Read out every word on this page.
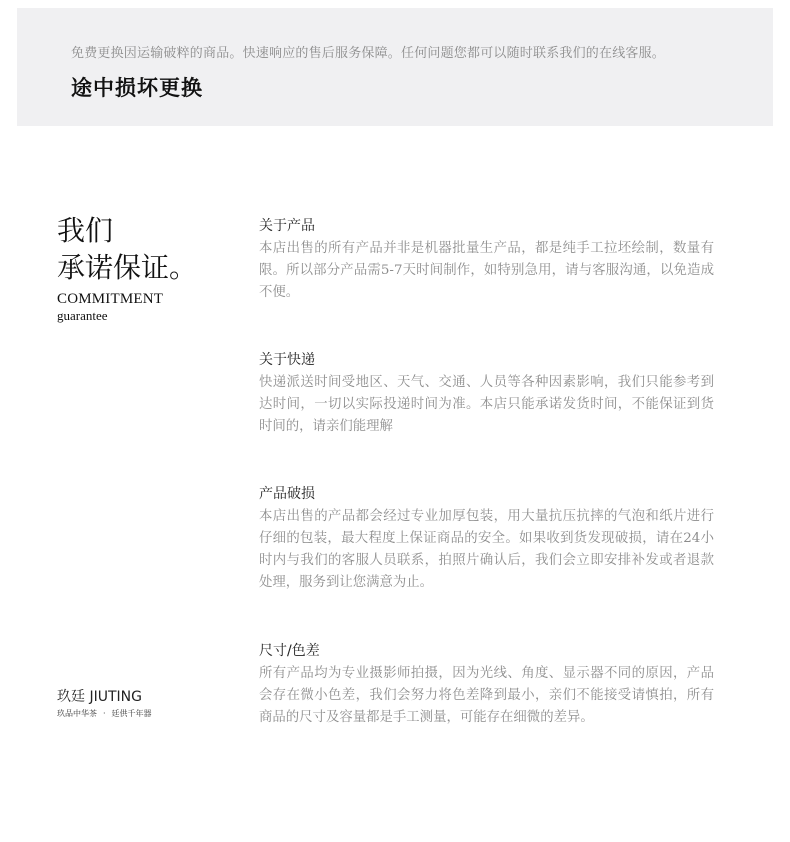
免费更换因运输破粹的商品。快速响应的售后服务保障。任何问题您都可以随时联系我们的在线客服。
途中损坏更换
我们
承诺保证。
COMMITMENT
guarantee
玖廷 JIUTING
玖品中华茶 · 廷供千年器
关于产品
本店出售的所有产品并非是机器批量生产品，都是纯手工拉坯绘制，数量有限。所以部分产品需5-7天时间制作，如特别急用，请与客服沟通，以免造成不便。
关于快递
快递派送时间受地区、天气、交通、人员等各种因素影响，我们只能参考到达时间，一切以实际投递时间为准。本店只能承诺发货时间，不能保证到货时间的，请亲们能理解
产品破损
本店出售的产品都会经过专业加厚包装，用大量抗压抗摔的气泡和纸片进行仔细的包装，最大程度上保证商品的安全。如果收到货发现破损，请在24小时内与我们的客服人员联系，拍照片确认后，我们会立即安排补发或者退款处理，服务到让您满意为止。
尺寸/色差
所有产品均为专业摄影师拍摄，因为光线、角度、显示器不同的原因，产品会存在微小色差，我们会努力将色差降到最小，亲们不能接受请慎拍，所有商品的尺寸及容量都是手工测量，可能存在细微的差异。
